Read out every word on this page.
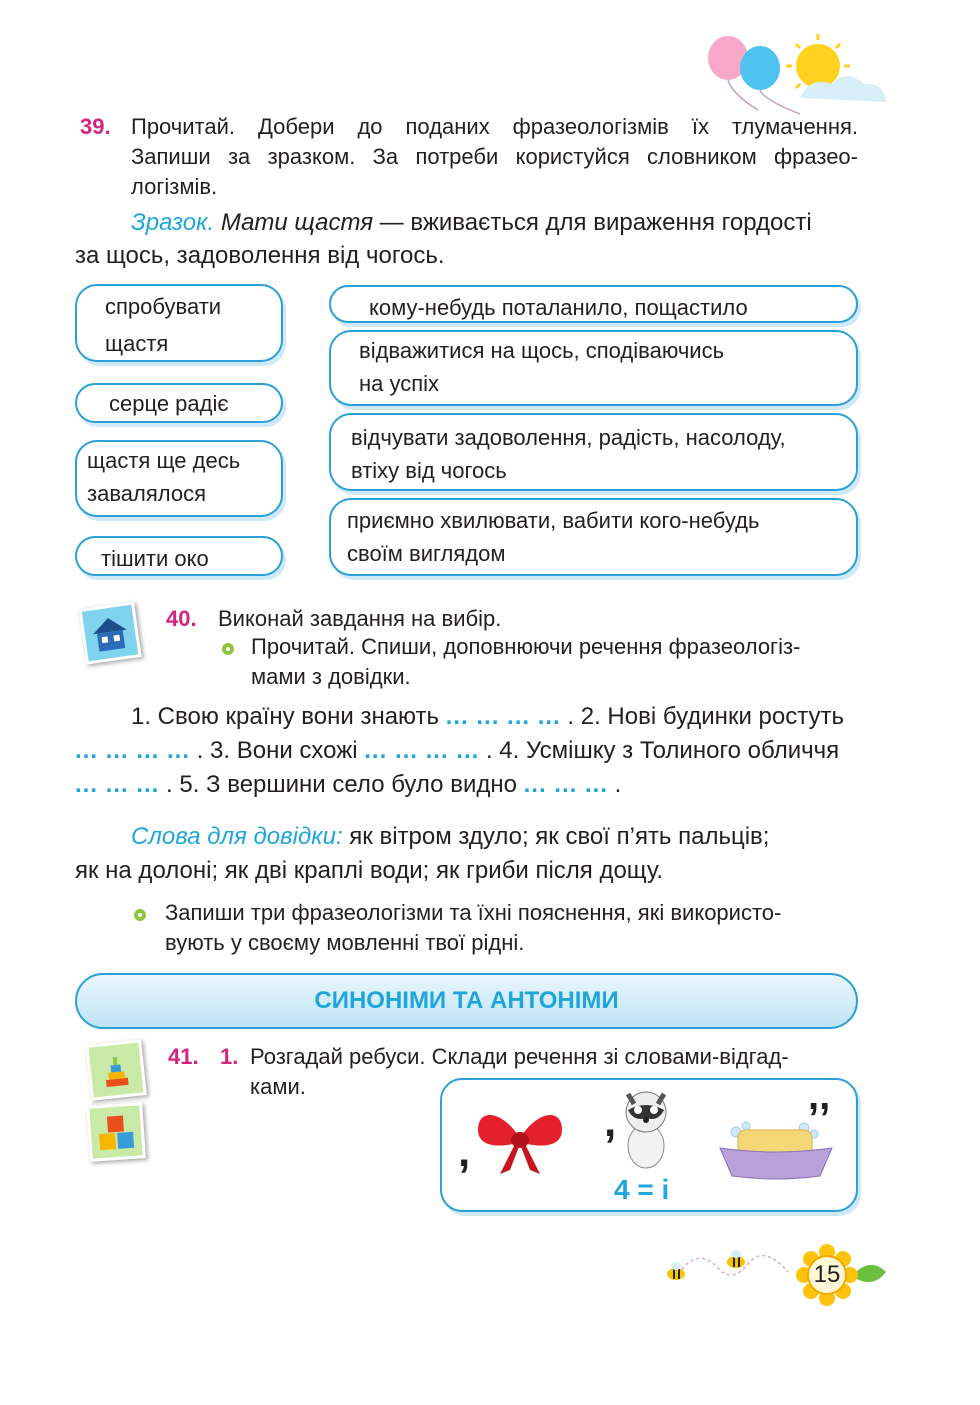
39. Прочитай. Добери до поданих фразеологізмів їх тлумачення.
Запиши за зразком. За потреби користуйся словником фразео-
логізмів.
Зразок. Мати щастя — вживається для вираження гордості
за щось, задоволення від чогось.
спробувати
щастя
серце радіє
щастя ще десь
завалялося
тішити око
кому-небудь поталанило, пощастило
відважитися на щось, сподіваючись
на успіх
відчувати задоволення, радість, насолоду,
втіху від чогось
приємно хвилювати, вабити кого-небудь
своїм виглядом
40. Виконай завдання на вибір.
Прочитай. Спиши, доповнюючи речення фразеологіз-
мами з довідки.
1. Свою країну вони знають ... ... ... ... . 2. Нові будинки ростуть
... ... ... ... . 3. Вони схожі ... ... ... ... . 4. Усмішку з Толиного обличчя
... ... ... . 5. З вершини село було видно ... ... ... .
Слова для довідки: як вітром здуло; як свої п’ять пальців;
як на долоні; як дві краплі води; як гриби після дощу.
Запиши три фразеологізми та їхні пояснення, які використо-
вують у своєму мовленні твої рідні.
СИНОНІМИ ТА АНТОНІМИ
41. 1. Розгадай ребуси. Склади речення зі словами-відгад-
ками.
,
,
4 = і
,,
15
